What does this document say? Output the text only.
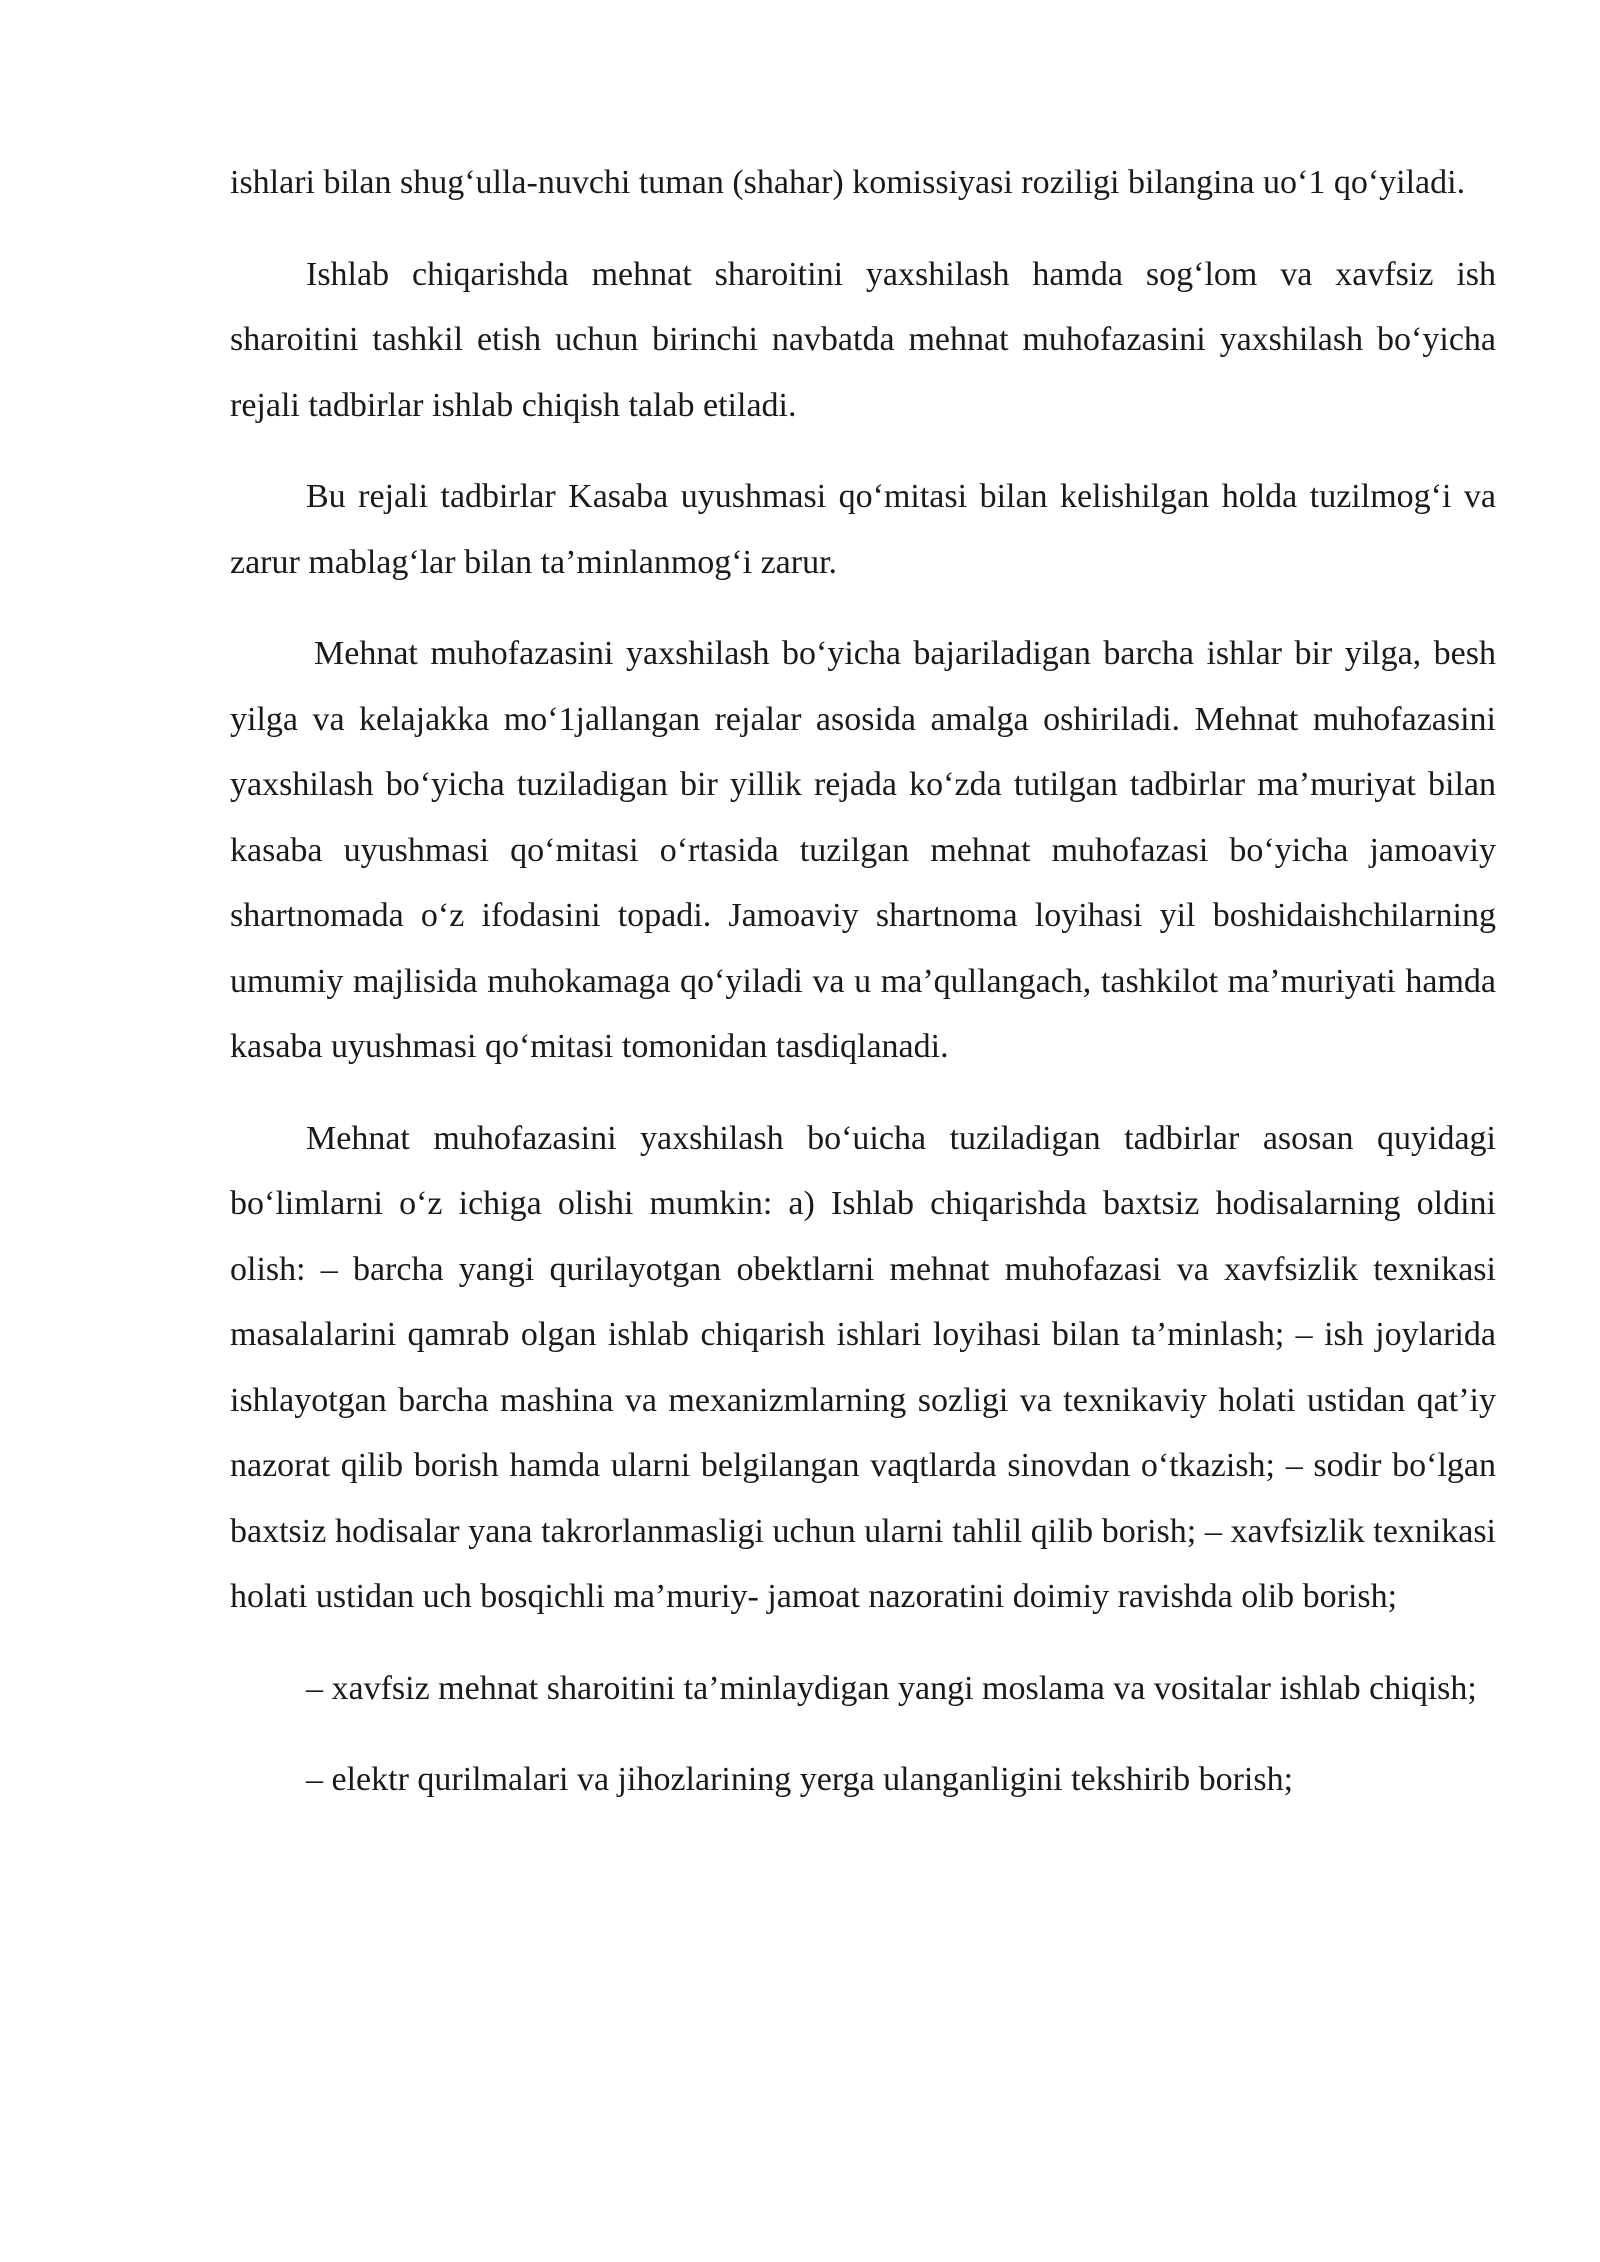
ishlari bilan shug‘ulla-nuvchi tuman (shahar) komissiyasi roziligi bilangina uo‘1 qo‘yiladi.

Ishlab chiqarishda mehnat sharoitini yaxshilash hamda sog‘lom va xavfsiz ish sharoitini tashkil etish uchun birinchi navbatda mehnat muhofazasini yaxshilash bo‘yicha rejali tadbirlar ishlab chiqish talab etiladi.

Bu rejali tadbirlar Kasaba uyushmasi qo‘mitasi bilan kelishilgan holda tuzilmog‘i va zarur mablag‘lar bilan ta’minlanmog‘i zarur.

Mehnat muhofazasini yaxshilash bo‘yicha bajariladigan barcha ishlar bir yilga, besh yilga va kelajakka mo‘1jallangan rejalar asosida amalga oshiriladi. Mehnat muhofazasini yaxshilash bo‘yicha tuziladigan bir yillik rejada ko‘zda tutilgan tadbirlar ma’muriyat bilan kasaba uyushmasi qo‘mitasi o‘rtasida tuzilgan mehnat muhofazasi bo‘yicha jamoaviy shartnomada o‘z ifodasini topadi. Jamoaviy shartnoma loyihasi yil boshidaishchilarning umumiy majlisida muhokamaga qo‘yiladi va u ma’qullangach, tashkilot ma’muriyati hamda kasaba uyushmasi qo‘mitasi tomonidan tasdiqlanadi.

Mehnat muhofazasini yaxshilash bo‘uicha tuziladigan tadbirlar asosan quyidagi bo‘limlarni o‘z ichiga olishi mumkin: a) Ishlab chiqarishda baxtsiz hodisalarning oldini olish: – barcha yangi qurilayotgan obektlarni mehnat muhofazasi va xavfsizlik texnikasi masalalarini qamrab olgan ishlab chiqarish ishlari loyihasi bilan ta’minlash; – ish joylarida ishlayotgan barcha mashina va mexanizmlarning sozligi va texnikaviy holati ustidan qat’iy nazorat qilib borish hamda ularni belgilangan vaqtlarda sinovdan o‘tkazish; – sodir bo‘lgan baxtsiz hodisalar yana takrorlanmasligi uchun ularni tahlil qilib borish; – xavfsizlik texnikasi holati ustidan uch bosqichli ma’muriy- jamoat nazoratini doimiy ravishda olib borish;

– xavfsiz mehnat sharoitini ta’minlaydigan yangi moslama va vositalar ishlab chiqish;

– elektr qurilmalari va jihozlarining yerga ulanganligini tekshirib borish;
